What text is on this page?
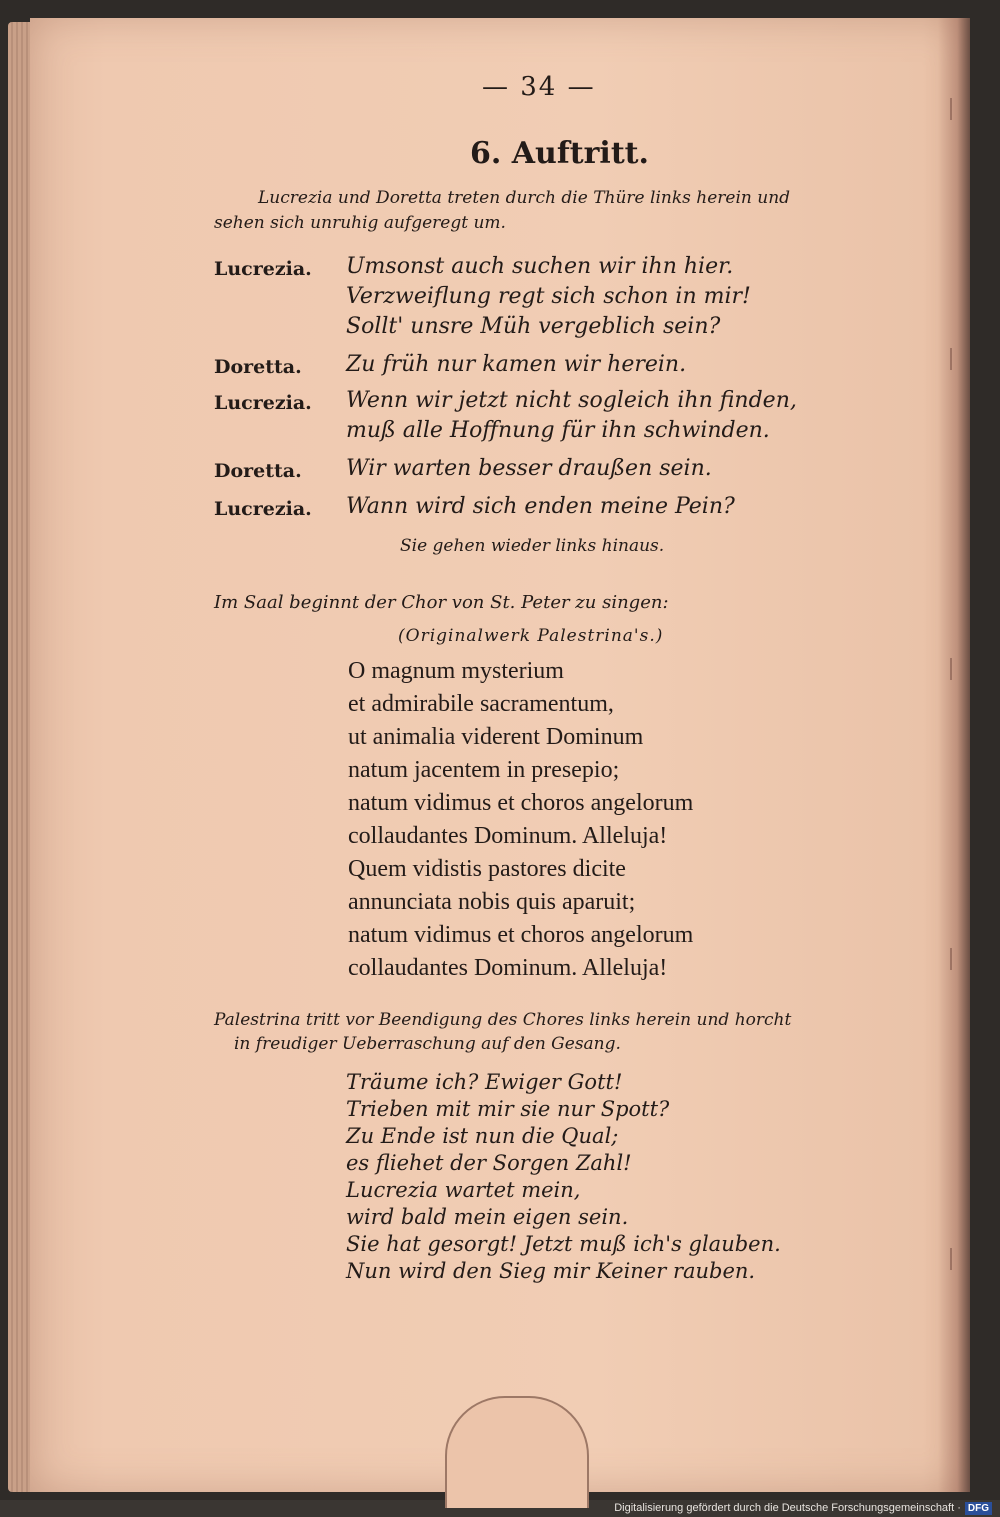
— 34 —
6. Auftritt.
Lucrezia und Doretta treten durch die Thüre links herein und
sehen sich unruhig aufgeregt um.
Lucrezia. Umsonst auch suchen wir ihn hier.
Verzweiflung regt sich schon in mir!
Sollt' unsre Müh vergeblich sein?
Doretta. Zu früh nur kamen wir herein.
Lucrezia. Wenn wir jetzt nicht sogleich ihn finden,
muß alle Hoffnung für ihn schwinden.
Doretta. Wir warten besser draußen sein.
Lucrezia. Wann wird sich enden meine Pein?
Sie gehen wieder links hinaus.
Im Saal beginnt der Chor von St. Peter zu singen:
(Originalwerk Palestrina's.)
O magnum mysterium
et admirabile sacramentum,
ut animalia viderent Dominum
natum jacentem in presepio;
natum vidimus et choros angelorum
collaudantes Dominum. Alleluja!
Quem vidistis pastores dicite
annunciata nobis quis aparuit;
natum vidimus et choros angelorum
collaudantes Dominum. Alleluja!
Palestrina tritt vor Beendigung des Chores links herein und horcht
in freudiger Ueberraschung auf den Gesang.
Träume ich? Ewiger Gott!
Trieben mit mir sie nur Spott?
Zu Ende ist nun die Qual;
es fliehet der Sorgen Zahl!
Lucrezia wartet mein,
wird bald mein eigen sein.
Sie hat gesorgt! Jetzt muß ich's glauben.
Nun wird den Sieg mir Keiner rauben.
Digitalisierung gefördert durch die Deutsche Forschungsgemeinschaft · DFG
